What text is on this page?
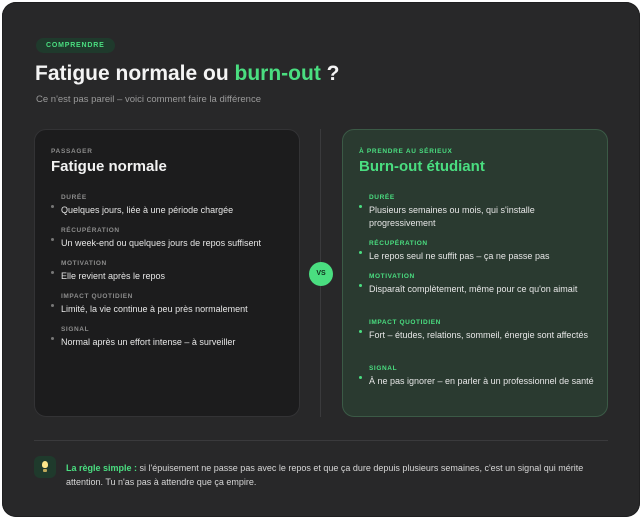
COMPRENDRE
Fatigue normale ou burn-out ?
Ce n'est pas pareil – voici comment faire la différence
PASSAGER
Fatigue normale
DURÉE
Quelques jours, liée à une période chargée
RÉCUPÉRATION
Un week-end ou quelques jours de repos suffisent
MOTIVATION
Elle revient après le repos
IMPACT QUOTIDIEN
Limité, la vie continue à peu près normalement
SIGNAL
Normal après un effort intense – à surveiller
VS
À PRENDRE AU SÉRIEUX
Burn-out étudiant
DURÉE
Plusieurs semaines ou mois, qui s'installe progressivement
RÉCUPÉRATION
Le repos seul ne suffit pas – ça ne passe pas
MOTIVATION
Disparaît complètement, même pour ce qu'on aimait
IMPACT QUOTIDIEN
Fort – études, relations, sommeil, énergie sont affectés
SIGNAL
À ne pas ignorer – en parler à un professionnel de santé
La règle simple : si l'épuisement ne passe pas avec le repos et que ça dure depuis plusieurs semaines, c'est un signal qui mérite attention. Tu n'as pas à attendre que ça empire.
